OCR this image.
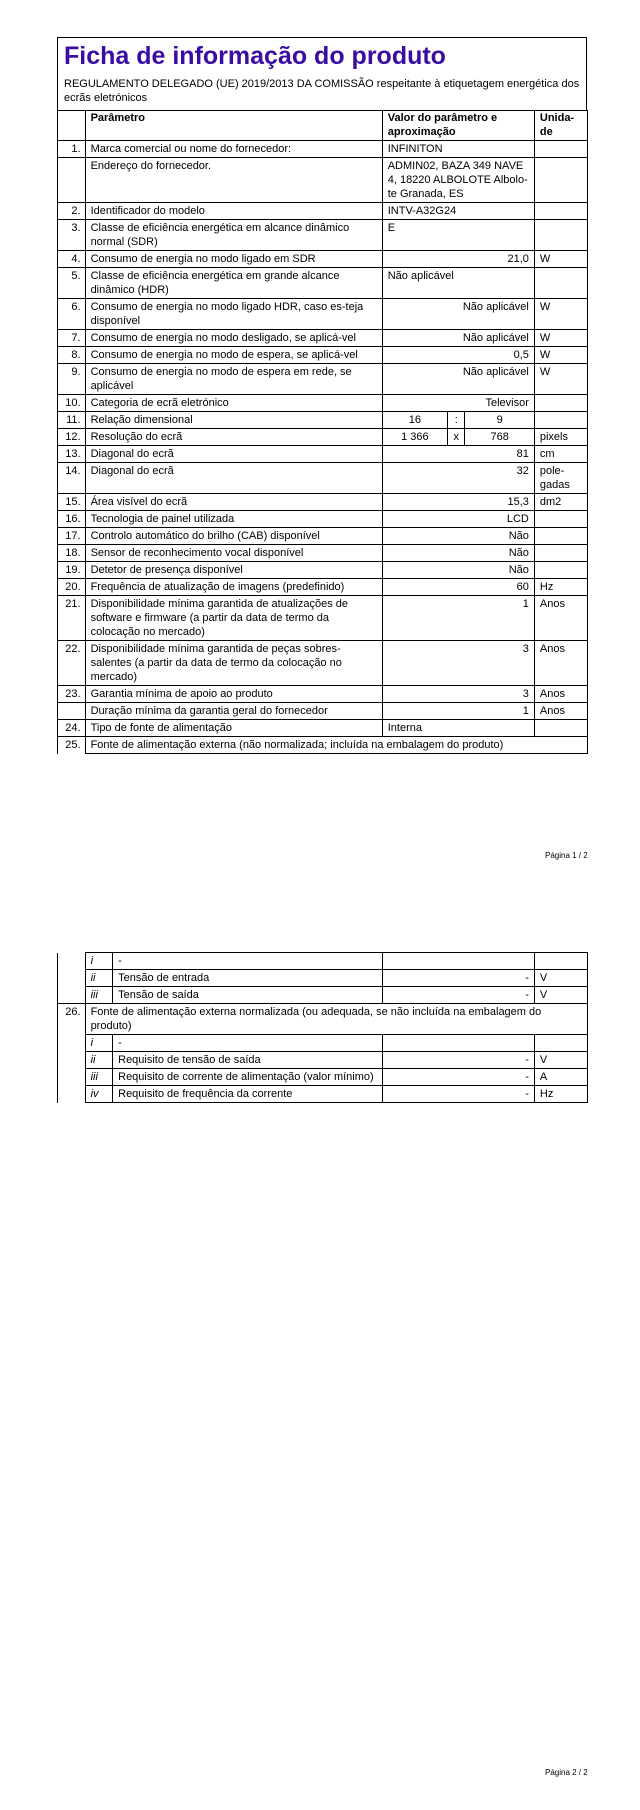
Ficha de informação do produto
REGULAMENTO DELEGADO (UE) 2019/2013 DA COMISSÃO respeitante à etiquetagem energética dos ecrãs eletrónicos
	Parâmetro	Valor do parâmetro e aproximação			Unida-de
1.	Marca comercial ou nome do fornecedor:	INFINITON			
	Endereço do fornecedor.	ADMIN02, BAZA 349 NAVE 4, 18220 ALBOLOTE Albolo-te Granada, ES			
2.	Identificador do modelo	INTV-A32G24			
3.	Classe de eficiência energética em alcance dinâmico normal (SDR)	E			
4.	Consumo de energia no modo ligado em SDR	21,0			W
5.	Classe de eficiência energética em grande alcance dinâmico (HDR)	Não aplicável			
6.	Consumo de energia no modo ligado HDR, caso es-teja disponível	Não aplicável			W
7.	Consumo de energia no modo desligado, se aplicá-vel	Não aplicável			W
8.	Consumo de energia no modo de espera, se aplicá-vel	0,5			W
9.	Consumo de energia no modo de espera em rede, se aplicável	Não aplicável			W
10.	Categoria de ecrã eletrónico	Televisor			
11.	Relação dimensional	16	:	9	
12.	Resolução do ecrã	1 366	x	768	pixels
13.	Diagonal do ecrã	81			cm
14.	Diagonal do ecrã	32			pole-gadas
15.	Área visível do ecrã	15,3			dm2
16.	Tecnologia de painel utilizada	LCD			
17.	Controlo automático do brilho (CAB) disponível	Não			
18.	Sensor de reconhecimento vocal disponível	Não			
19.	Detetor de presença disponível	Não			
20.	Frequência de atualização de imagens (predefinido)	60			Hz
21.	Disponibilidade mínima garantida de atualizações de software e firmware (a partir da data de termo da colocação no mercado)	1			Anos
22.	Disponibilidade mínima garantida de peças sobres-salentes (a partir da data de termo da colocação no mercado)	3			Anos
23.	Garantia mínima de apoio ao produto	3			Anos
	Duração mínima da garantia geral do fornecedor	1			Anos
24.	Tipo de fonte de alimentação	Interna			
25.	Fonte de alimentação externa (não normalizada; incluída na embalagem do produto)				
Página 1 / 2
	i	-		
	ii	Tensão de entrada	-	V
	iii	Tensão de saída	-	V
26.	Fonte de alimentação externa normalizada (ou adequada, se não incluída na embalagem do produto)			
	i	-		
	ii	Requisito de tensão de saída	-	V
	iii	Requisito de corrente de alimentação (valor mínimo)	-	A
	iv	Requisito de frequência da corrente	-	Hz
Página 2 / 2
